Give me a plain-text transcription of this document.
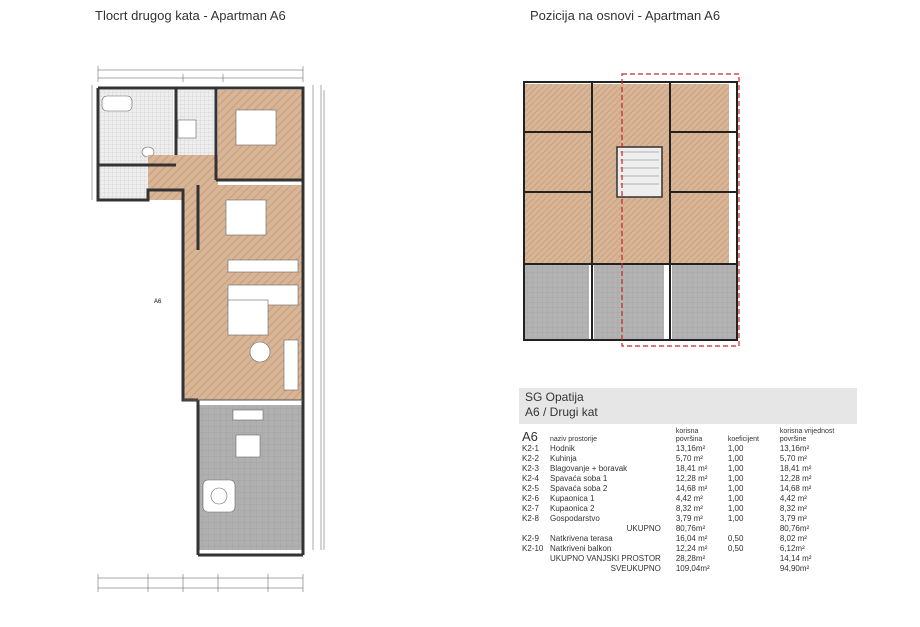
Tlocrt drugog kata - Apartman A6	Pozicija na osnovi - Apartman A6
A6
SG Opatija
A6 / Drugi kat
A6	naziv prostorije	korisna površina	koeficijent	korisna vrijednost površine
K2-1	Hodnik	13,16m²	1,00	13,16m²
K2-2	Kuhinja	5,70 m²	1,00	5,70 m²
K2-3	Blagovanje + boravak	18,41 m²	1,00	18,41 m²
K2-4	Spavaća soba 1	12,28 m²	1,00	12,28 m²
K2-5	Spavaća soba 2	14,68 m²	1,00	14,68 m²
K2-6	Kupaonica 1	4,42 m²	1,00	4,42 m²
K2-7	Kupaonica 2	8,32 m²	1,00	8,32 m²
K2-8	Gospodarstvo	3,79 m²	1,00	3,79 m²
	UKUPNO	80,76m²		80,76m²
K2-9	Natkrivena terasa	16,04 m²	0,50	8,02 m²
K2-10	Natkriveni balkon	12,24 m²	0,50	6,12m²
	UKUPNO VANJSKI PROSTOR	28,28m²		14,14 m²
	SVEUKUPNO	109,04m²		94,90m²
